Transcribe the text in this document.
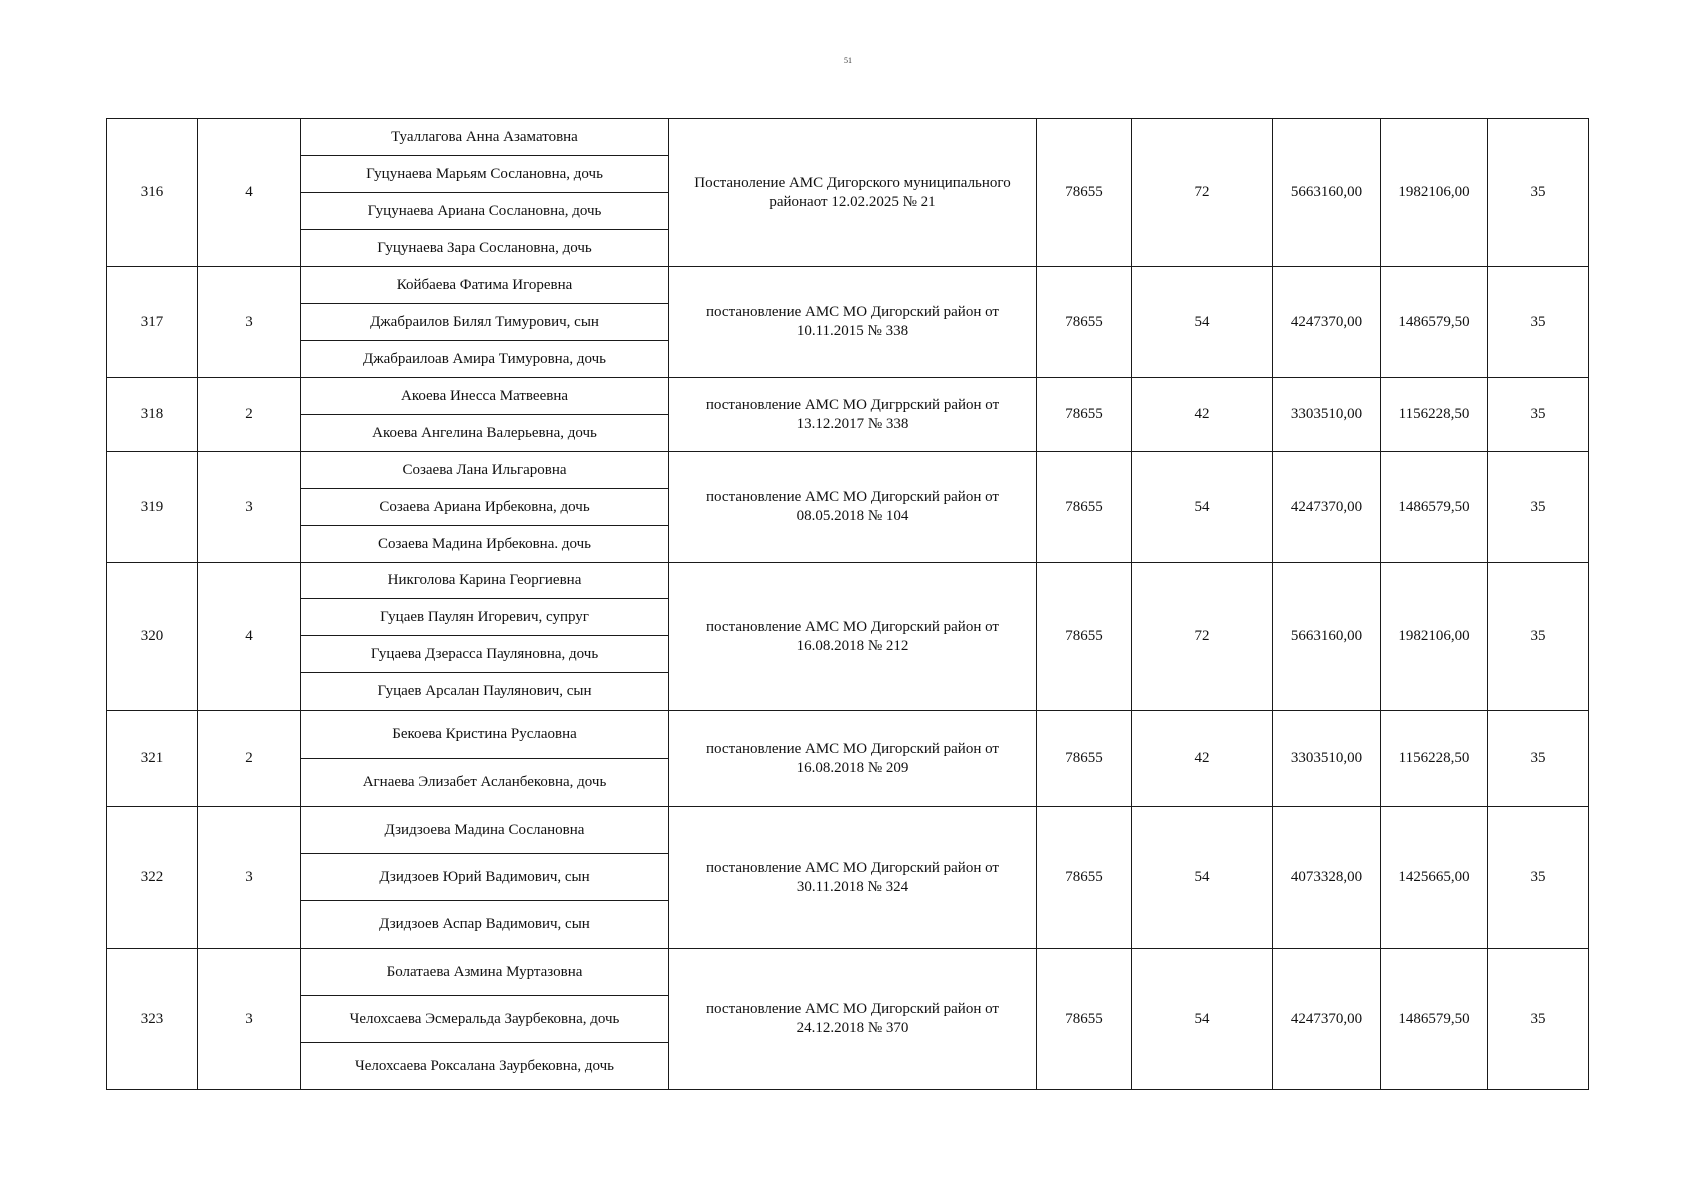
51
316	4	Туаллагова Анна Азаматовна	Постаноление АМС Дигорского муниципального районаот 12.02.2025 № 21	78655	72	5663160,00	1982106,00	35
		Гуцунаева Марьям Сослановна, дочь						
		Гуцунаева Ариана Сослановна, дочь						
		Гуцунаева Зара Сослановна, дочь						
317	3	Койбаева Фатима Игоревна	постановление АМС МО Дигорский район от 10.11.2015 № 338	78655	54	4247370,00	1486579,50	35
		Джабраилов Билял Тимурович, сын						
		Джабраилоав Амира Тимуровна, дочь						
318	2	Акоева Инесса Матвеевна	постановление АМС МО Дигррский район от 13.12.2017 № 338	78655	42	3303510,00	1156228,50	35
		Акоева Ангелина Валерьевна, дочь						
319	3	Созаева Лана Ильгаровна	постановление АМС МО Дигорский район от 08.05.2018 № 104	78655	54	4247370,00	1486579,50	35
		Созаева Ариана Ирбековна, дочь						
		Созаева Мадина Ирбековна. дочь						
320	4	Никголова Карина Георгиевна	постановление АМС МО Дигорский район от 16.08.2018 № 212	78655	72	5663160,00	1982106,00	35
		Гуцаев Паулян Игоревич, супруг						
		Гуцаева Дзерасса Пауляновна, дочь						
		Гуцаев Арсалан Паулянович, сын						
321	2	Бекоева Кристина Руслаовна	постановление АМС МО Дигорский район от 16.08.2018 № 209	78655	42	3303510,00	1156228,50	35
		Агнаева Элизабет Асланбековна, дочь						
322	3	Дзидзоева Мадина Сослановна	постановление АМС МО Дигорский район от 30.11.2018 № 324	78655	54	4073328,00	1425665,00	35
		Дзидзоев Юрий Вадимович, сын						
		Дзидзоев Аспар Вадимович, сын						
323	3	Болатаева Азмина Муртазовна	постановление АМС МО Дигорский район от 24.12.2018 № 370	78655	54	4247370,00	1486579,50	35
		Челохсаева Эсмеральда Заурбековна, дочь						
		Челохсаева Роксалана Заурбековна, дочь						
